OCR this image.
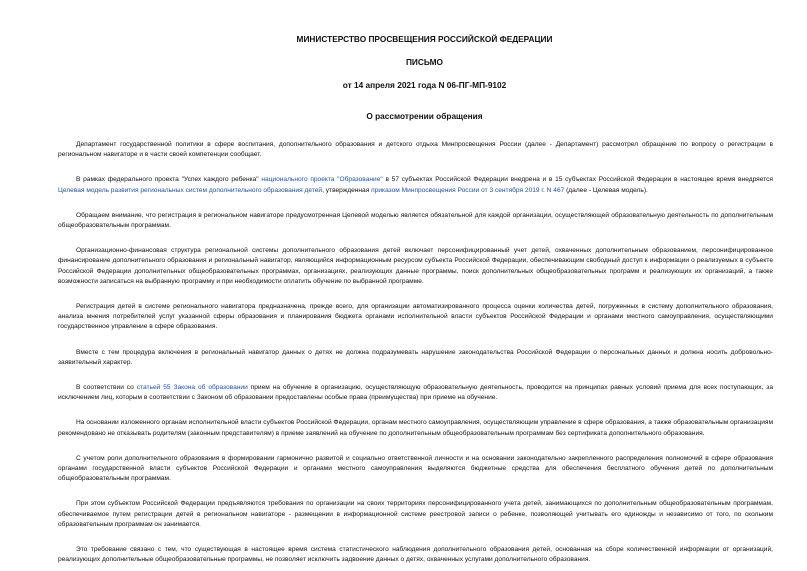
МИНИСТЕРСТВО ПРОСВЕЩЕНИЯ РОССИЙСКОЙ ФЕДЕРАЦИИ
ПИСЬМО
от 14 апреля 2021 года N 06-ПГ-МП-9102
О рассмотрении обращения

Департамент государственной политики в сфере воспитания, дополнительного образования и детского отдыха Минпросвещения России (далее - Департамент) рассмотрел обращение по вопросу о регистрации в региональном навигаторе и в части своей компетенции сообщает.

В рамках федерального проекта "Успех каждого ребенка" национального проекта "Образование" в 57 субъектах Российской Федерации внедрена и в 15 субъектах Российской Федерации в настоящее время внедряется Целевая модель развития региональных систем дополнительного образования детей, утвержденная приказом Минпросвещения России от 3 сентября 2019 г. N 467 (далее - Целевая модель).

Обращаем внимание, что регистрация в региональном навигаторе предусмотренная Целевой моделью является обязательной для каждой организации, осуществляющей образовательную деятельность по дополнительным общеобразовательным программам.

Организационно-финансовая структура региональной системы дополнительного образования детей включает персонифицированный учет детей, охваченных дополнительным образованием, персонифицированное финансирование дополнительного образования и региональный навигатор, являющийся информационным ресурсом субъекта Российской Федерации, обеспечивающим свободный доступ к информации о реализуемых в субъекте Российской Федерации дополнительных общеобразовательных программах, организациях, реализующих данные программы, поиск дополнительных общеобразовательных программ и реализующих их организаций, а также возможности записаться на выбранную программу и при необходимости оплатить обучение по выбранной программе.

Регистрация детей в системе регионального навигатора предназначена, прежде всего, для организации автоматизированного процесса оценки количества детей, погруженных в систему дополнительного образования, анализа мнения потребителей услуг указанной сферы образования и планирования бюджета органами исполнительной власти субъектов Российской Федерации и органами местного самоуправления, осуществляющими государственное управление в сфере образования.

Вместе с тем процедура включения в региональный навигатор данных о детях не должна подразумевать нарушение законодательства Российской Федерации о персональных данных и должна носить добровольно-заявительный характер.

В соответствии со статьей 55 Закона об образовании прием на обучение в организацию, осуществляющую образовательную деятельность, проводится на принципах равных условий приема для всех поступающих, за исключением лиц, которым в соответствии с Законом об образовании предоставлены особые права (преимущества) при приеме на обучение.

На основании изложенного органам исполнительной власти субъектов Российской Федерации, органам местного самоуправления, осуществляющим управление в сфере образования, а также образовательным организациям рекомендовано не отказывать родителям (законным представителям) в приеме заявлений на обучение по дополнительным общеобразовательным программам без сертификата дополнительного образования.

С учетом роли дополнительного образования в формировании гармонично развитой и социально ответственной личности и на основании законодательно закрепленного распределения полномочий в сфере образования органами государственной власти субъектов Российской Федерации и органами местного самоуправления выделяются бюджетные средства для обеспечения бесплатного обучения детей по дополнительным общеобразовательным программам.

При этом субъектом Российской Федерации предъявляются требования по организации на своих территориях персонифицированного учета детей, занимающихся по дополнительным общеобразовательным программам, обеспечиваемое путем регистрации детей в региональном навигаторе - размещении в информационной системе реестровой записи о ребенке, позволяющей учитывать его единожды и независимо от того, по скольким образовательным программам он занимается.

Это требование связано с тем, что существующая в настоящее время система статистического наблюдения дополнительного образования детей, основанная на сборе количественной информации от организаций, реализующих дополнительные общеобразовательные программы, не позволяет исключить задвоение данных о детях, охваченных услугами дополнительного образования.
